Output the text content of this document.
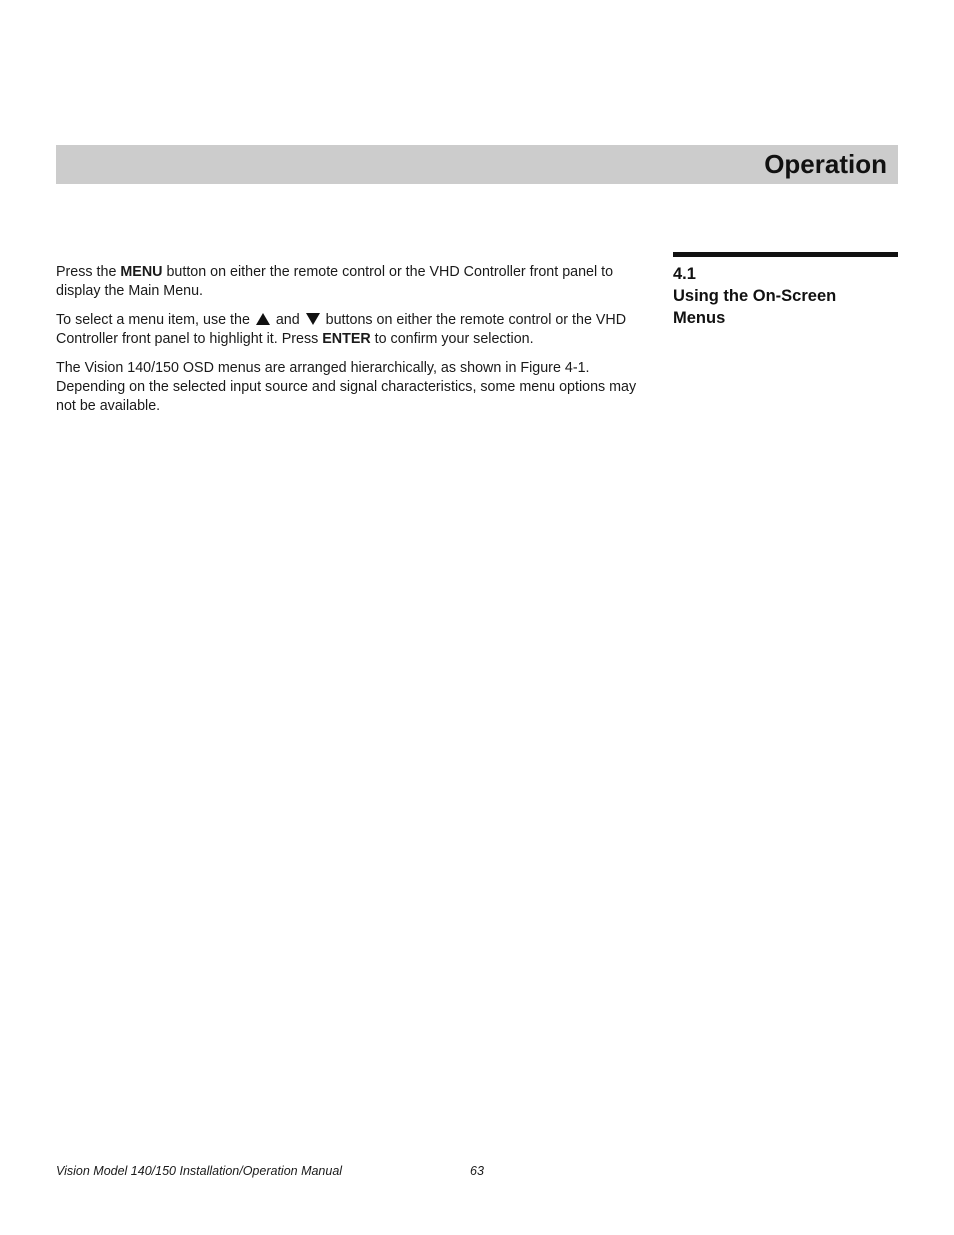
Operation
4.1
Using the On-Screen
Menus

Press the MENU button on either the remote control or the VHD Controller front panel to display the Main Menu.

To select a menu item, use the  and  buttons on either the remote control or the VHD Controller front panel to highlight it. Press ENTER to confirm your selection.

The Vision 140/150 OSD menus are arranged hierarchically, as shown in Figure 4-1. Depending on the selected input source and signal characteristics, some menu options may not be available.

Vision Model 140/150 Installation/Operation Manual	63
